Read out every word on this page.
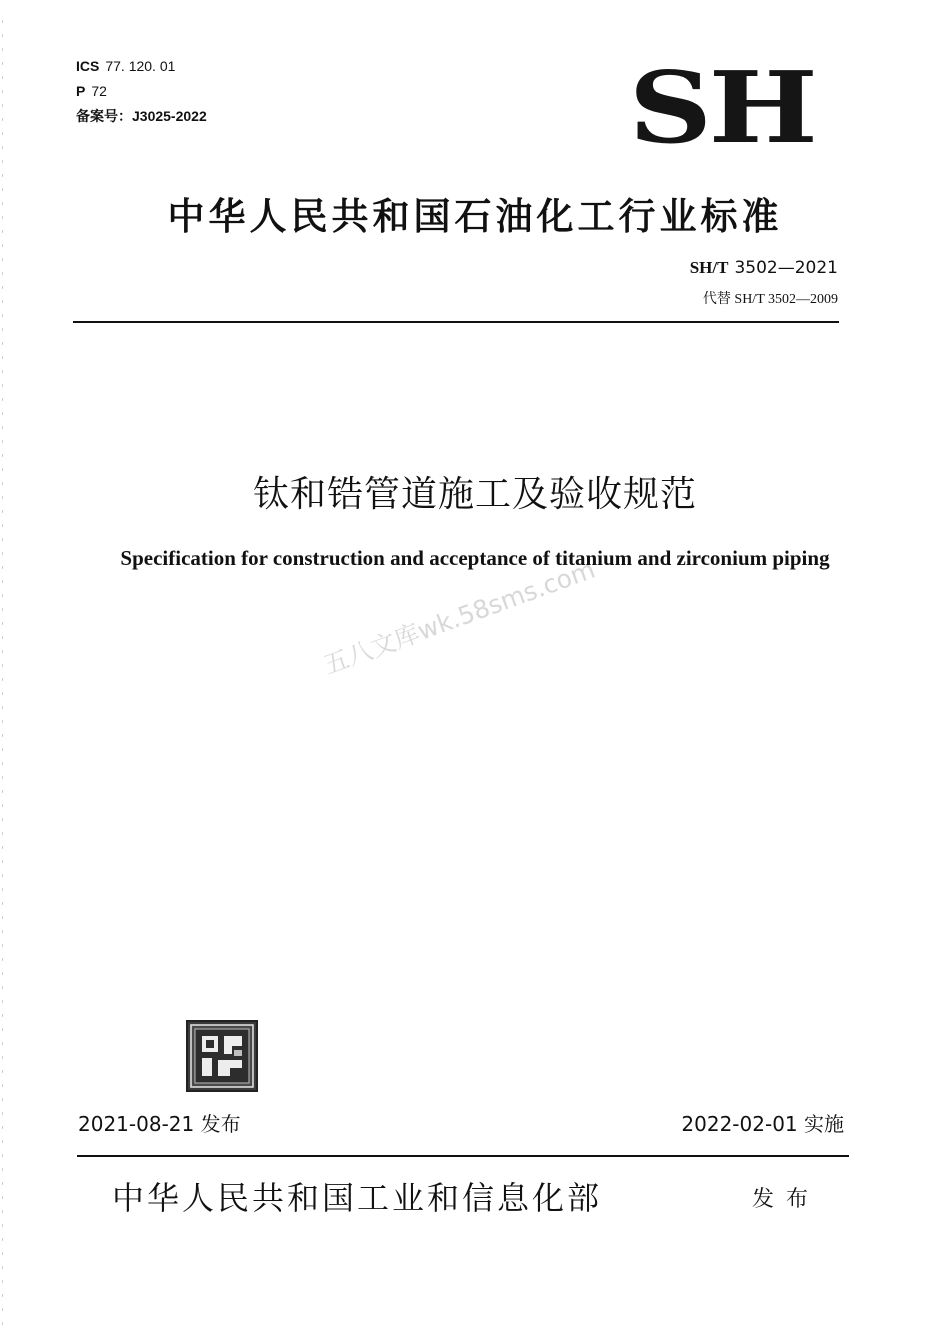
ICS 77. 120. 01
P 72
备案号：J3025-2022	SH
中华人民共和国石油化工行业标准
SH/T 3502—2021
代替 SH/T 3502—2009
钛和锆管道施工及验收规范
Specification for construction and acceptance of titanium and zirconium piping
五八文库wk.58sms.com
2021-08-21 发布	2022-02-01 实施
中华人民共和国工业和信息化部	发布
